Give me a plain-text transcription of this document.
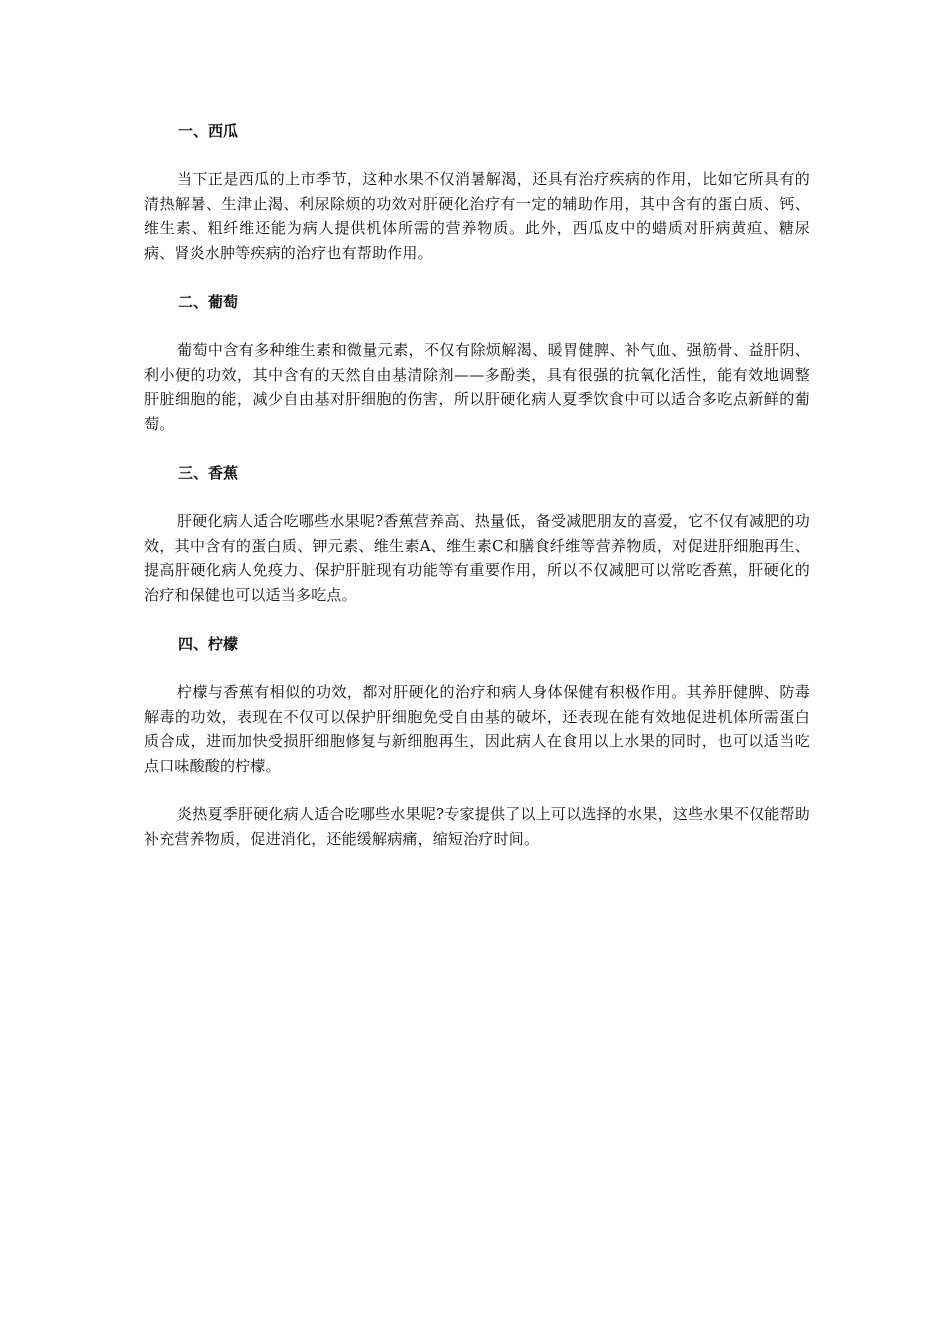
一、西瓜

当下正是西瓜的上市季节，这种水果不仅消暑解渴，还具有治疗疾病的作用，比如它所具有的清热解暑、生津止渴、利尿除烦的功效对肝硬化治疗有一定的辅助作用，其中含有的蛋白质、钙、维生素、粗纤维还能为病人提供机体所需的营养物质。此外，西瓜皮中的蜡质对肝病黄疸、糖尿病、肾炎水肿等疾病的治疗也有帮助作用。

二、葡萄

葡萄中含有多种维生素和微量元素，不仅有除烦解渴、暖胃健脾、补气血、强筋骨、益肝阴、利小便的功效，其中含有的天然自由基清除剂——多酚类，具有很强的抗氧化活性，能有效地调整肝脏细胞的能，减少自由基对肝细胞的伤害，所以肝硬化病人夏季饮食中可以适合多吃点新鲜的葡萄。

三、香蕉

肝硬化病人适合吃哪些水果呢?香蕉营养高、热量低，备受减肥朋友的喜爱，它不仅有减肥的功效，其中含有的蛋白质、钾元素、维生素A、维生素C和膳食纤维等营养物质，对促进肝细胞再生、提高肝硬化病人免疫力、保护肝脏现有功能等有重要作用，所以不仅减肥可以常吃香蕉，肝硬化的治疗和保健也可以适当多吃点。

四、柠檬

柠檬与香蕉有相似的功效，都对肝硬化的治疗和病人身体保健有积极作用。其养肝健脾、防毒解毒的功效，表现在不仅可以保护肝细胞免受自由基的破坏，还表现在能有效地促进机体所需蛋白质合成，进而加快受损肝细胞修复与新细胞再生，因此病人在食用以上水果的同时，也可以适当吃点口味酸酸的柠檬。

炎热夏季肝硬化病人适合吃哪些水果呢?专家提供了以上可以选择的水果，这些水果不仅能帮助补充营养物质，促进消化，还能缓解病痛，缩短治疗时间。
